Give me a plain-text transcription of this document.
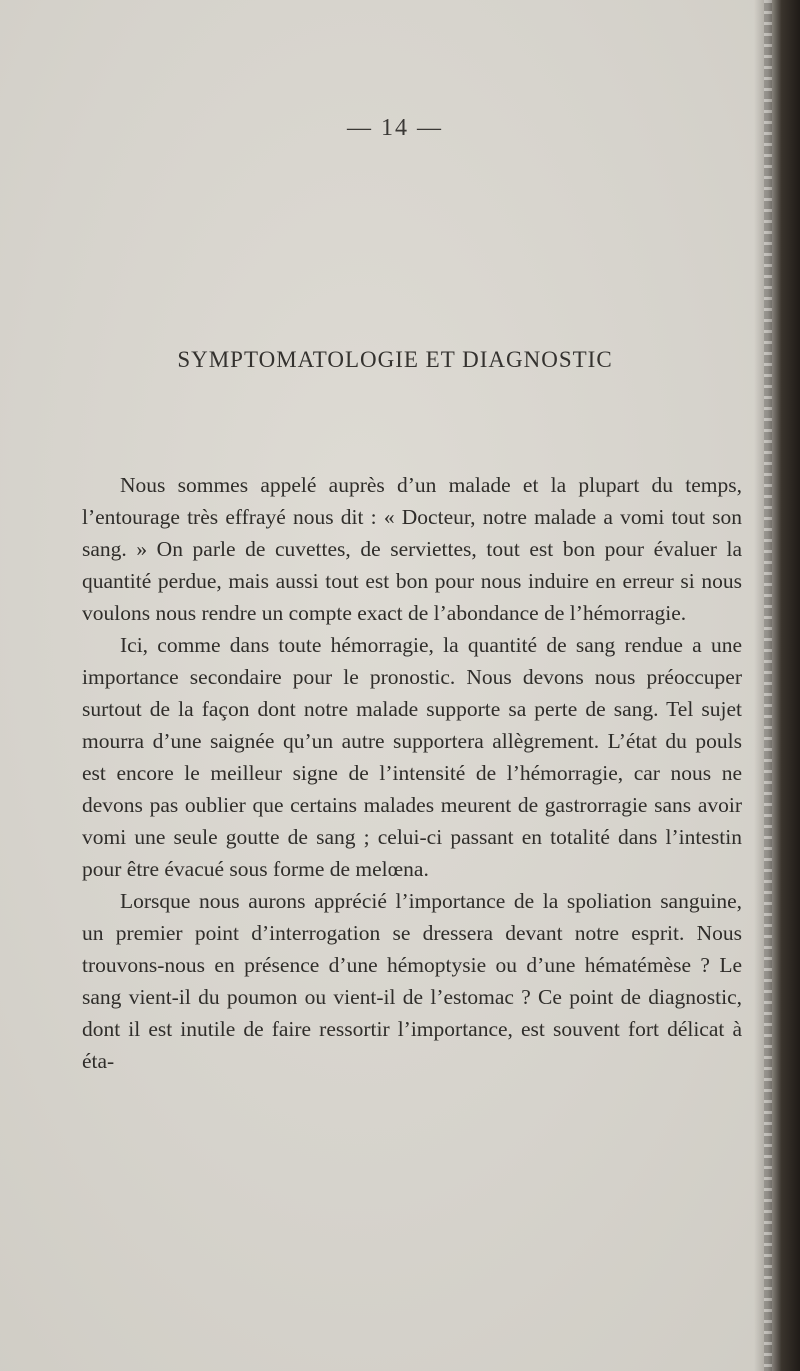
— 14 —
SYMPTOMATOLOGIE ET DIAGNOSTIC

Nous sommes appelé auprès d’un malade et la plupart du temps, l’entourage très effrayé nous dit : « Docteur, notre malade a vomi tout son sang. » On parle de cuvettes, de serviettes, tout est bon pour évaluer la quantité perdue, mais aussi tout est bon pour nous induire en erreur si nous voulons nous rendre un compte exact de l’abondance de l’hémorragie.

Ici, comme dans toute hémorragie, la quantité de sang rendue a une importance secondaire pour le pronostic. Nous devons nous préoccuper surtout de la façon dont notre malade supporte sa perte de sang. Tel sujet mourra d’une saignée qu’un autre supportera allègrement. L’état du pouls est encore le meilleur signe de l’intensité de l’hémorragie, car nous ne devons pas oublier que certains malades meurent de gastrorragie sans avoir vomi une seule goutte de sang ; celui-ci passant en totalité dans l’intestin pour être évacué sous forme de melœna.

Lorsque nous aurons apprécié l’importance de la spoliation sanguine, un premier point d’interrogation se dressera devant notre esprit. Nous trouvons-nous en présence d’une hémoptysie ou d’une hématémèse ? Le sang vient-il du poumon ou vient-il de l’estomac ? Ce point de diagnostic, dont il est inutile de faire ressortir l’importance, est souvent fort délicat à éta-
